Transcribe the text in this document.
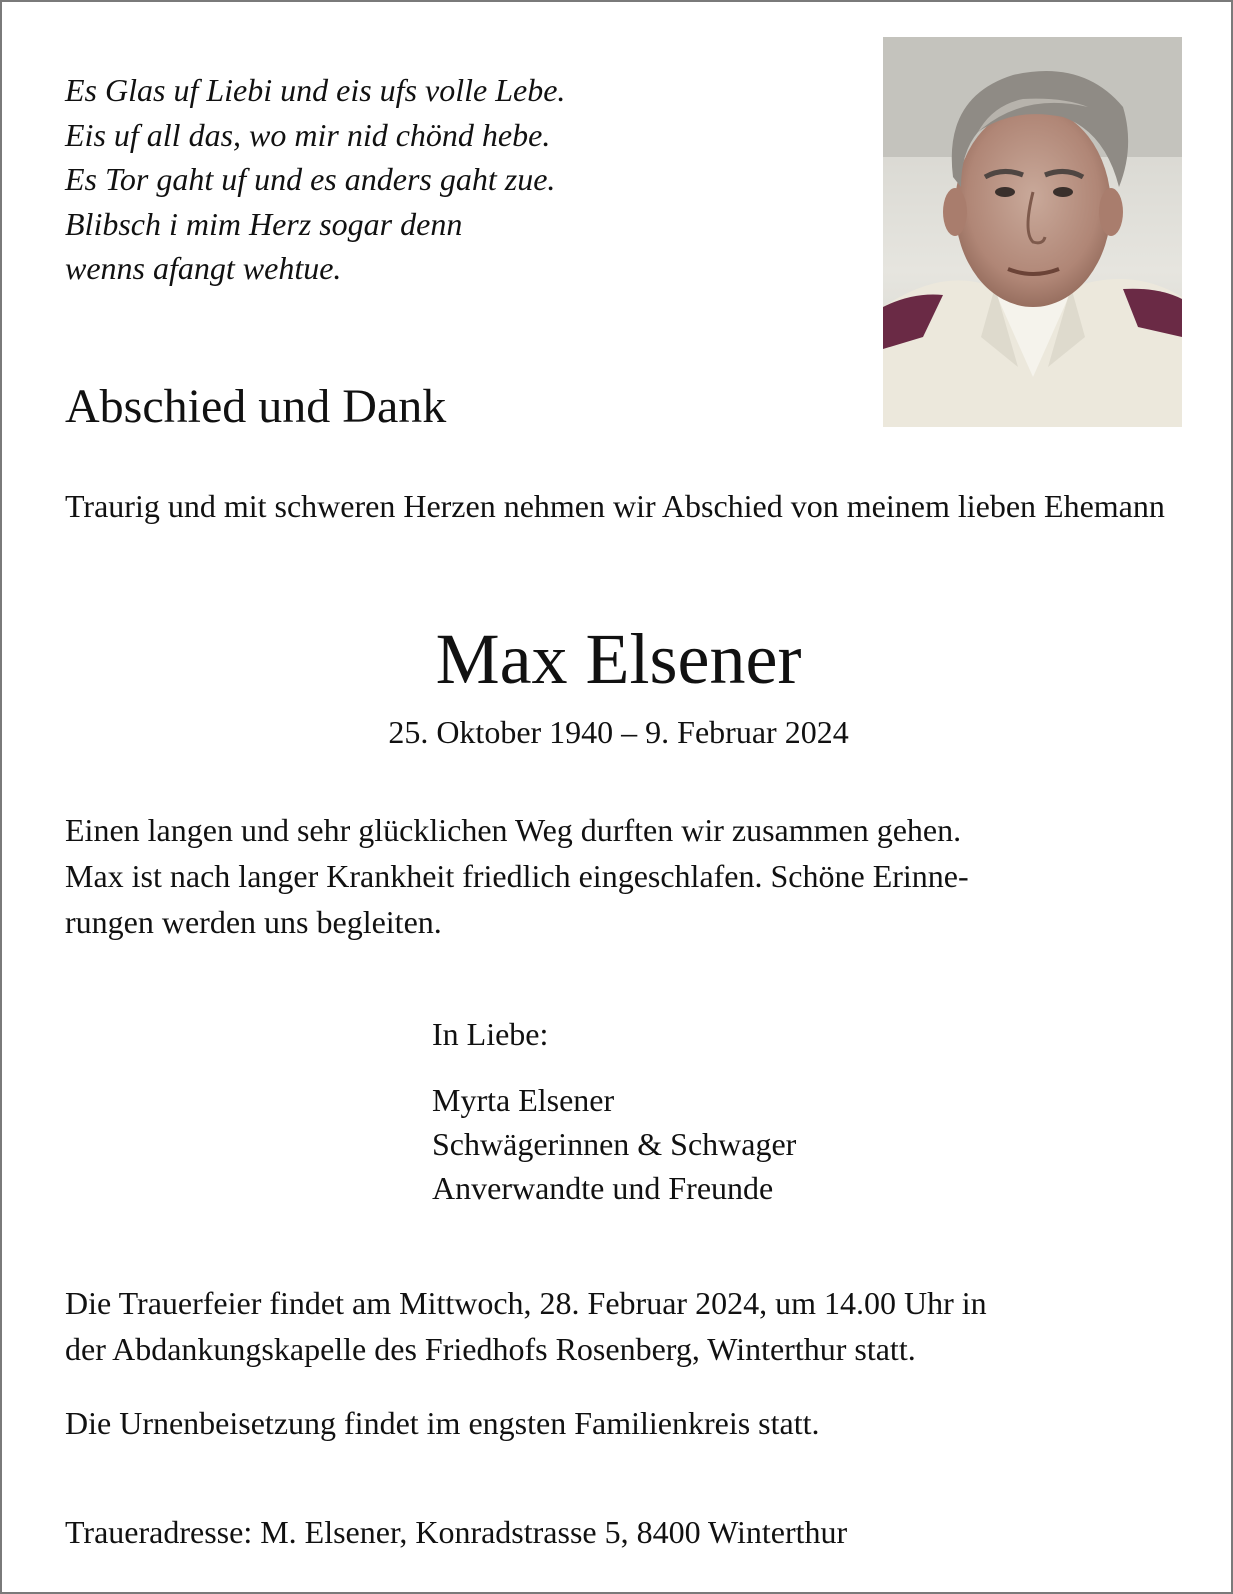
Es Glas uf Liebi und eis ufs volle Lebe.
Eis uf all das, wo mir nid chönd hebe.
Es Tor gaht uf und es anders gaht zue.
Blibsch i mim Herz sogar denn
wenns afangt wehtue.
Abschied und Dank
Traurig und mit schweren Herzen nehmen wir Abschied von meinem lieben Ehemann
Max Elsener
25. Oktober 1940 – 9. Februar 2024
Einen langen und sehr glücklichen Weg durften wir zusammen gehen.
Max ist nach langer Krankheit friedlich eingeschlafen. Schöne Erinne-
rungen werden uns begleiten.
In Liebe:
Myrta Elsener
Schwägerinnen & Schwager
Anverwandte und Freunde
Die Trauerfeier findet am Mittwoch, 28. Februar 2024, um 14.00 Uhr in
der Abdankungskapelle des Friedhofs Rosenberg, Winterthur statt.
Die Urnenbeisetzung findet im engsten Familienkreis statt.
Traueradresse: M. Elsener, Konradstrasse 5, 8400 Winterthur
